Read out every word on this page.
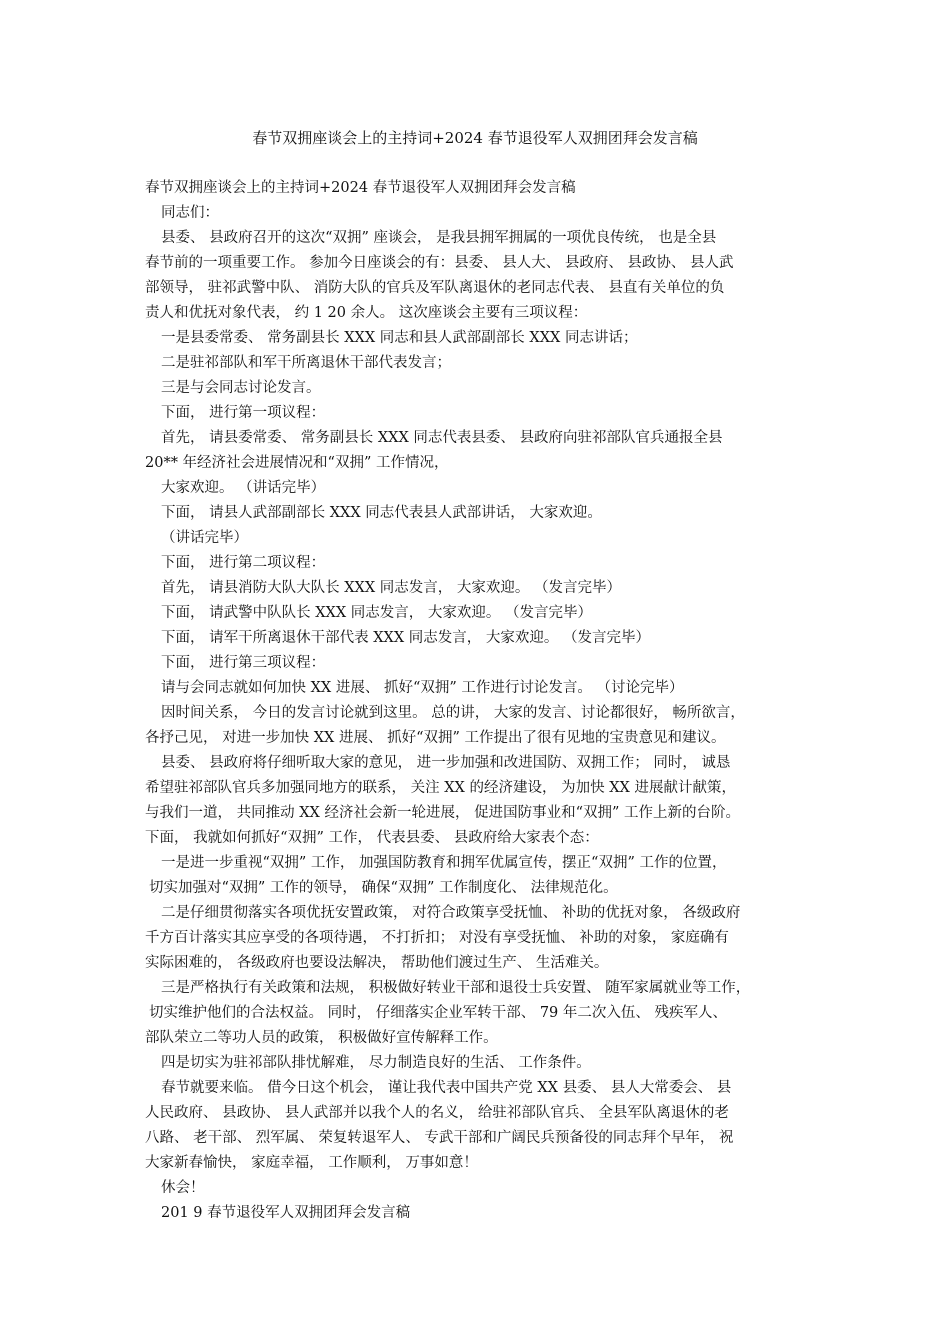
春节双拥座谈会上的主持词+2024 春节退役军人双拥团拜会发言稿
春节双拥座谈会上的主持词+2024 春节退役军人双拥团拜会发言稿
同志们：
县委、 县政府召开的这次“双拥” 座谈会， 是我县拥军拥属的一项优良传统， 也是全县
春节前的一项重要工作。 参加今日座谈会的有：县委、 县人大、 县政府、 县政协、 县人武
部领导， 驻祁武警中队、 消防大队的官兵及军队离退休的老同志代表、 县直有关单位的负
责人和优抚对象代表， 约 1 20 余人。 这次座谈会主要有三项议程：
一是县委常委、 常务副县长 XXX 同志和县人武部副部长 XXX 同志讲话；
二是驻祁部队和军干所离退休干部代表发言；
三是与会同志讨论发言。
下面， 进行第一项议程：
首先， 请县委常委、 常务副县长 XXX 同志代表县委、 县政府向驻祁部队官兵通报全县
20** 年经济社会进展情况和“双拥” 工作情况，
大家欢迎。 （讲话完毕）
下面， 请县人武部副部长 XXX 同志代表县人武部讲话， 大家欢迎。
（讲话完毕）
下面， 进行第二项议程：
首先， 请县消防大队大队长 XXX 同志发言， 大家欢迎。 （发言完毕）
下面， 请武警中队队长 XXX 同志发言， 大家欢迎。 （发言完毕）
下面， 请军干所离退休干部代表 XXX 同志发言， 大家欢迎。 （发言完毕）
下面， 进行第三项议程：
请与会同志就如何加快 XX 进展、 抓好“双拥” 工作进行讨论发言。 （讨论完毕）
因时间关系， 今日的发言讨论就到这里。 总的讲， 大家的发言、讨论都很好， 畅所欲言，
各抒己见， 对进一步加快 XX 进展、 抓好“双拥” 工作提出了很有见地的宝贵意见和建议。
县委、 县政府将仔细听取大家的意见， 进一步加强和改进国防、双拥工作； 同时， 诚恳
希望驻祁部队官兵多加强同地方的联系， 关注 XX 的经济建设， 为加快 XX 进展献计献策，
与我们一道， 共同推动 XX 经济社会新一轮进展， 促进国防事业和“双拥” 工作上新的台阶。
下面， 我就如何抓好“双拥” 工作， 代表县委、 县政府给大家表个态：
一是进一步重视“双拥” 工作， 加强国防教育和拥军优属宣传，摆正“双拥” 工作的位置，
切实加强对“双拥” 工作的领导， 确保“双拥” 工作制度化、 法律规范化。
二是仔细贯彻落实各项优抚安置政策， 对符合政策享受抚恤、 补助的优抚对象， 各级政府
千方百计落实其应享受的各项待遇， 不打折扣； 对没有享受抚恤、 补助的对象， 家庭确有
实际困难的， 各级政府也要设法解决， 帮助他们渡过生产、 生活难关。
三是严格执行有关政策和法规， 积极做好转业干部和退役士兵安置、 随军家属就业等工作，
切实维护他们的合法权益。 同时， 仔细落实企业军转干部、 79 年二次入伍、 残疾军人、
部队荣立二等功人员的政策， 积极做好宣传解释工作。
四是切实为驻祁部队排忧解难， 尽力制造良好的生活、 工作条件。
春节就要来临。 借今日这个机会， 谨让我代表中国共产党 XX 县委、 县人大常委会、 县
人民政府、 县政协、 县人武部并以我个人的名义， 给驻祁部队官兵、 全县军队离退休的老
八路、 老干部、 烈军属、 荣复转退军人、 专武干部和广阔民兵预备役的同志拜个早年， 祝
大家新春愉快， 家庭幸福， 工作顺利， 万事如意！
休会！
201 9 春节退役军人双拥团拜会发言稿
